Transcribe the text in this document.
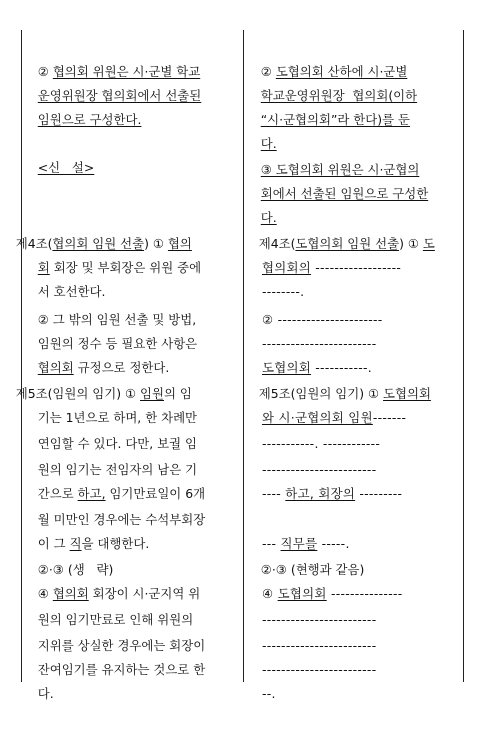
② 협의회 위원은 시·군별 학교

운영위원장 협의회에서 선출된

임원으로 구성한다.

<신   설>

제4조(협의회 임원 선출) ① 협의

회 회장 및 부회장은 위원 중에

서 호선한다.

② 그 밖의 임원 선출 및 방법,

임원의 정수 등 필요한 사항은

협의회 규정으로 정한다.

제5조(임원의 임기) ① 임원의 임

기는 1년으로 하며, 한 차례만

연임할 수 있다. 다만, 보궐 임

원의 임기는 전임자의 남은 기

간으로 하고, 임기만료일이 6개

월 미만인 경우에는 수석부회장

이 그 직을 대행한다.

②·③ (생   략)

④ 협의회 회장이 시·군지역 위

원의 임기만료로 인해 위원의

지위를 상실한 경우에는 회장이

잔여임기를 유지하는 것으로 한

다.

② 도협의회 산하에 시·군별

학교운영위원장  협의회(이하

“시·군협의회”라 한다)를 둔

다.

③ 도협의회 위원은 시·군협의

회에서 선출된 임원으로 구성한

다.

제4조(도협의회 임원 선출) ① 도

협의회의 ------------------

--------.

② ----------------------

------------------------

도협의회 -----------.

제5조(임원의 임기) ① 도협의회

와 시·군협의회 임원-------

-----------. ------------

------------------------

---- 하고, 회장의 ---------

--- 직무를 -----.

②·③ (현행과 같음)

④ 도협의회 ---------------

------------------------

------------------------

------------------------

--.
